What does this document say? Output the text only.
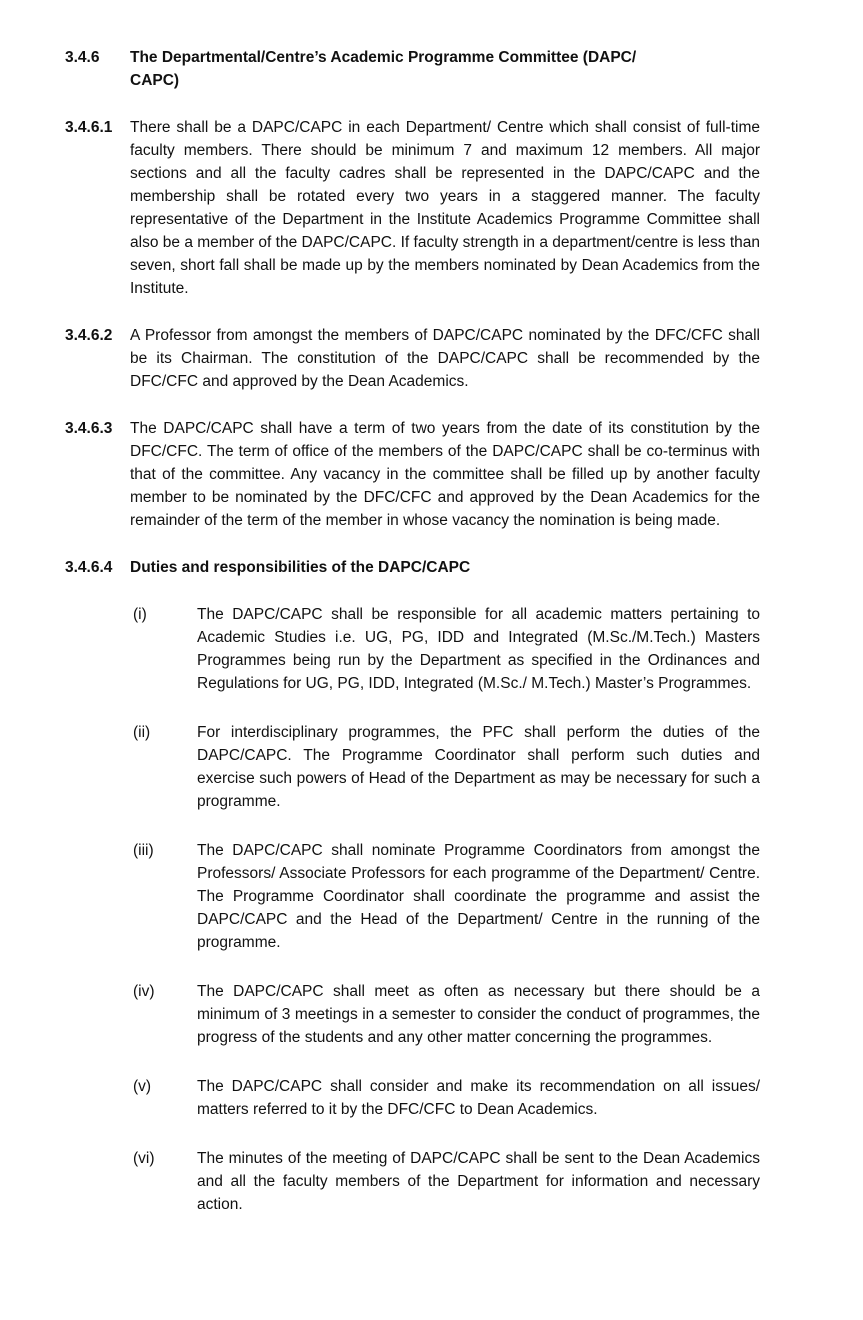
3.4.6	The Departmental/Centre’s Academic Programme Committee (DAPC/ CAPC)
3.4.6.1	There shall be a DAPC/CAPC in each Department/ Centre which shall consist of full-time faculty members. There should be minimum 7 and maximum 12 members. All major sections and all the faculty cadres shall be represented in the DAPC/CAPC and the membership shall be rotated every two years in a staggered manner. The faculty representative of the Department in the Institute Academics Programme Committee shall also be a member of the DAPC/CAPC. If faculty strength in a department/centre is less than seven, short fall shall be made up by the members nominated by Dean Academics from the Institute.
3.4.6.2	A Professor from amongst the members of DAPC/CAPC nominated by the DFC/CFC shall be its Chairman. The constitution of the DAPC/CAPC shall be recommended by the DFC/CFC and approved by the Dean Academics.
3.4.6.3	The DAPC/CAPC shall have a term of two years from the date of its constitution by the DFC/CFC. The term of office of the members of the DAPC/CAPC shall be co-terminus with that of the committee. Any vacancy in the committee shall be filled up by another faculty member to be nominated by the DFC/CFC and approved by the Dean Academics for the remainder of the term of the member in whose vacancy the nomination is being made.
3.4.6.4	Duties and responsibilities of the DAPC/CAPC
(i)	The DAPC/CAPC shall be responsible for all academic matters pertaining to Academic Studies i.e. UG, PG, IDD and Integrated (M.Sc./M.Tech.) Masters Programmes being run by the Department as specified in the Ordinances and Regulations for UG, PG, IDD, Integrated (M.Sc./ M.Tech.) Master’s Programmes.
(ii)	For interdisciplinary programmes, the PFC shall perform the duties of the DAPC/CAPC. The Programme Coordinator shall perform such duties and exercise such powers of Head of the Department as may be necessary for such a programme.
(iii)	The DAPC/CAPC shall nominate Programme Coordinators from amongst the Professors/ Associate Professors for each programme of the Department/ Centre. The Programme Coordinator shall coordinate the programme and assist the DAPC/CAPC and the Head of the Department/ Centre in the running of the programme.
(iv)	The DAPC/CAPC shall meet as often as necessary but there should be a minimum of 3 meetings in a semester to consider the conduct of programmes, the progress of the students and any other matter concerning the programmes.
(v)	The DAPC/CAPC shall consider and make its recommendation on all issues/ matters referred to it by the DFC/CFC to Dean Academics.
(vi)	The minutes of the meeting of DAPC/CAPC shall be sent to the Dean Academics and all the faculty members of the Department for information and necessary action.
